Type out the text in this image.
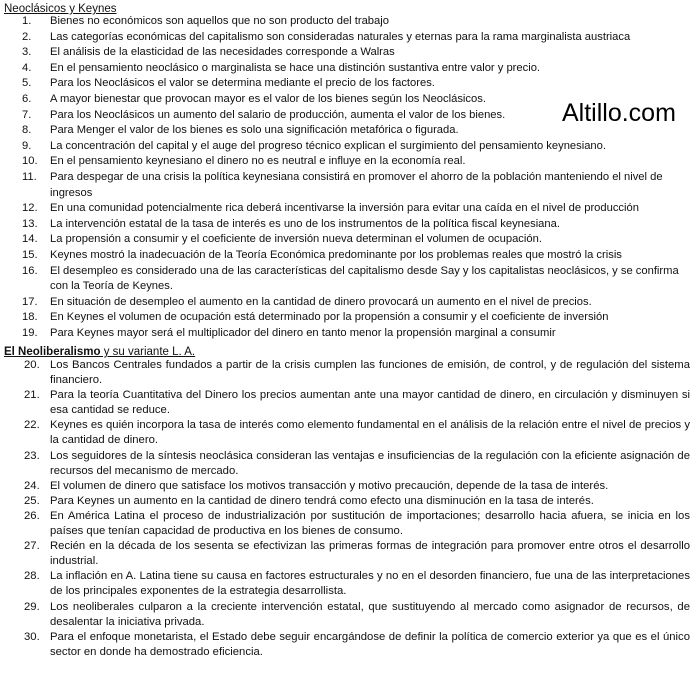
Neoclásicos y Keynes
1.	Bienes no económicos son aquellos que no son producto del trabajo
2.	Las categorías económicas del capitalismo son consideradas naturales y eternas para la rama marginalista austriaca
3.	El análisis de la elasticidad de las necesidades corresponde a Walras
4.	En el pensamiento neoclásico o marginalista se hace una distinción sustantiva entre valor y precio.
5.	Para los Neoclásicos el valor se determina mediante el precio de los factores.
6.	A mayor bienestar que provocan mayor es el valor de los bienes según los Neoclásicos.
7.	Para los Neoclásicos un aumento del salario de producción, aumenta el valor de los bienes.
8.	Para Menger el valor de los bienes es solo una significación metafórica o figurada.
9.	La concentración del capital y el auge del progreso técnico explican el surgimiento del pensamiento keynesiano.
10.	En el pensamiento keynesiano el dinero no es neutral e influye en la economía real.
11.	Para despegar de una crisis la política keynesiana consistirá en promover el ahorro de la población manteniendo el nivel de ingresos
12.	En una comunidad potencialmente rica deberá incentivarse la inversión para evitar una caída en el nivel de producción
13.	La intervención estatal de la tasa de interés es uno de los instrumentos de la política fiscal keynesiana.
14.	La propensión a consumir y el coeficiente de inversión nueva determinan el volumen de ocupación.
15.	Keynes mostró la inadecuación de la Teoría Económica predominante por los problemas reales que mostró la crisis
16.	El desempleo es considerado una de las características del capitalismo desde Say y los capitalistas neoclásicos, y se confirma con la Teoría de Keynes.
17.	En situación de desempleo el aumento en la cantidad de dinero provocará un aumento en el nivel de precios.
18.	En Keynes el volumen de ocupación está determinado por la propensión a consumir y el coeficiente de inversión
19.	Para Keynes mayor será el multiplicador del dinero en tanto menor la propensión marginal a consumir
El Neoliberalismo y su variante L. A.
20. Los Bancos Centrales fundados a partir de la crisis cumplen las funciones de emisión, de control, y de regulación del sistema financiero.
21. Para la teoría Cuantitativa del Dinero los precios aumentan ante una mayor cantidad de dinero, en circulación y disminuyen si esa cantidad se reduce.
22. Keynes es quién incorpora la tasa de interés como elemento fundamental en el análisis de la relación entre el nivel de precios y la cantidad de dinero.
23. Los seguidores de la síntesis neoclásica consideran las ventajas e insuficiencias de la regulación con la eficiente asignación de recursos del mecanismo de mercado.
24. El volumen de dinero que satisface los motivos transacción y motivo precaución, depende de la tasa de interés.
25. Para Keynes un aumento en la cantidad de dinero tendrá como efecto una disminución en la tasa de interés.
26. En América Latina el proceso de industrialización por sustitución de importaciones; desarrollo hacia afuera, se inicia en los países que tenían capacidad de productiva en los bienes de consumo.
27. Recién en la década de los sesenta se efectivizan las primeras formas de integración para promover entre otros el desarrollo industrial.
28. La inflación en A. Latina tiene su causa en factores estructurales y no en el desorden financiero, fue una de las interpretaciones de los principales exponentes de la estrategia desarrollista.
29. Los neoliberales culparon a la creciente intervención estatal, que sustituyendo al mercado como asignador de recursos, de desalentar la iniciativa privada.
30. Para el enfoque monetarista, el Estado debe seguir encargándose de definir la política de comercio exterior ya que es el único sector en donde ha demostrado eficiencia.
Altillo.com
